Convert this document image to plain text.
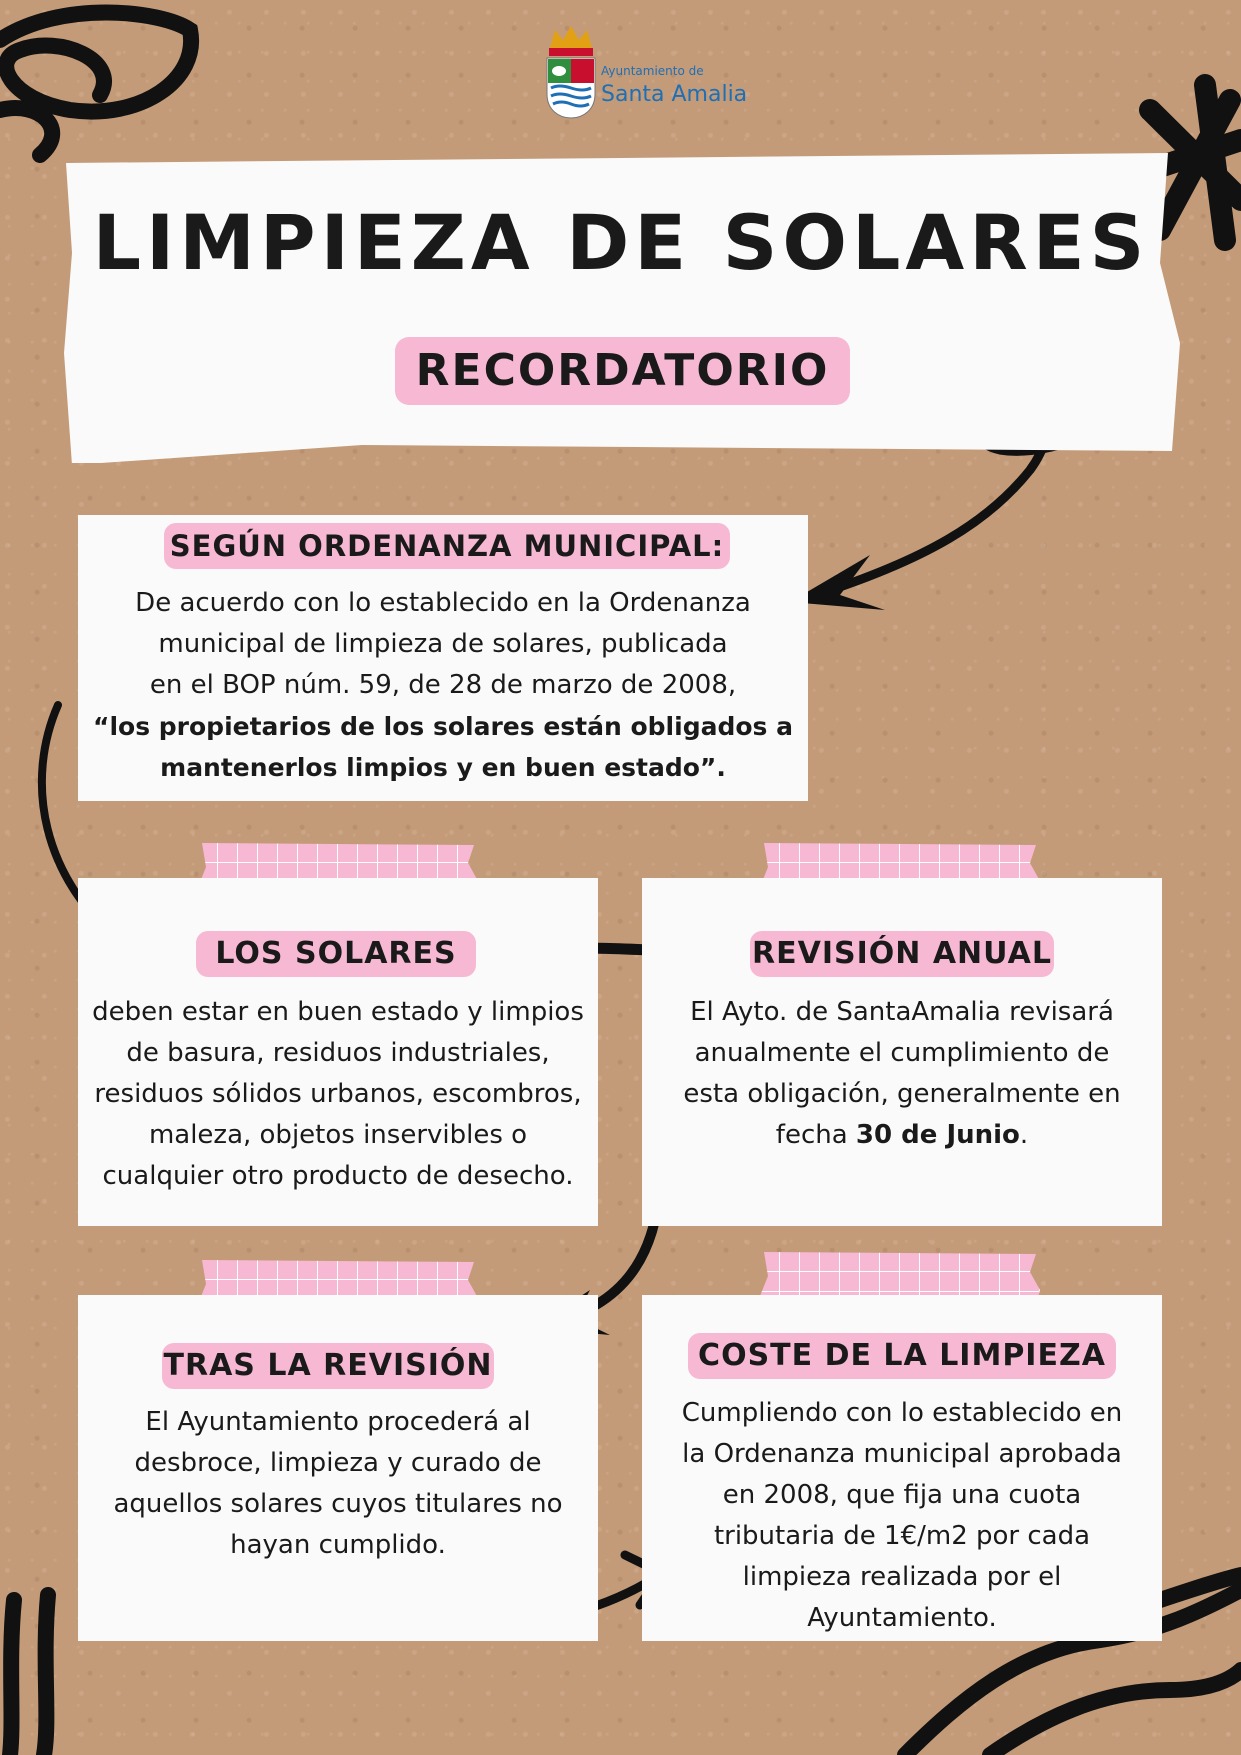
Ayuntamiento de
Santa Amalia
LIMPIEZA DE SOLARES
RECORDATORIO
SEGÚN ORDENANZA MUNICIPAL:
De acuerdo con lo establecido en la Ordenanza
municipal de limpieza de solares, publicada
en el BOP núm. 59, de 28 de marzo de 2008,
“los propietarios de los solares están obligados a
mantenerlos limpios y en buen estado”.
LOS SOLARES
deben estar en buen estado y limpios
de basura, residuos industriales,
residuos sólidos urbanos, escombros,
maleza, objetos inservibles o
cualquier otro producto de desecho.
REVISIÓN ANUAL
El Ayto. de SantaAmalia revisará
anualmente el cumplimiento de
esta obligación, generalmente en
fecha 30 de Junio.
TRAS LA REVISIÓN
El Ayuntamiento procederá al
desbroce, limpieza y curado de
aquellos solares cuyos titulares no
hayan cumplido.
COSTE DE LA LIMPIEZA
Cumpliendo con lo establecido en
la Ordenanza municipal aprobada
en 2008, que fija una cuota
tributaria de 1€/m2 por cada
limpieza realizada por el
Ayuntamiento.
